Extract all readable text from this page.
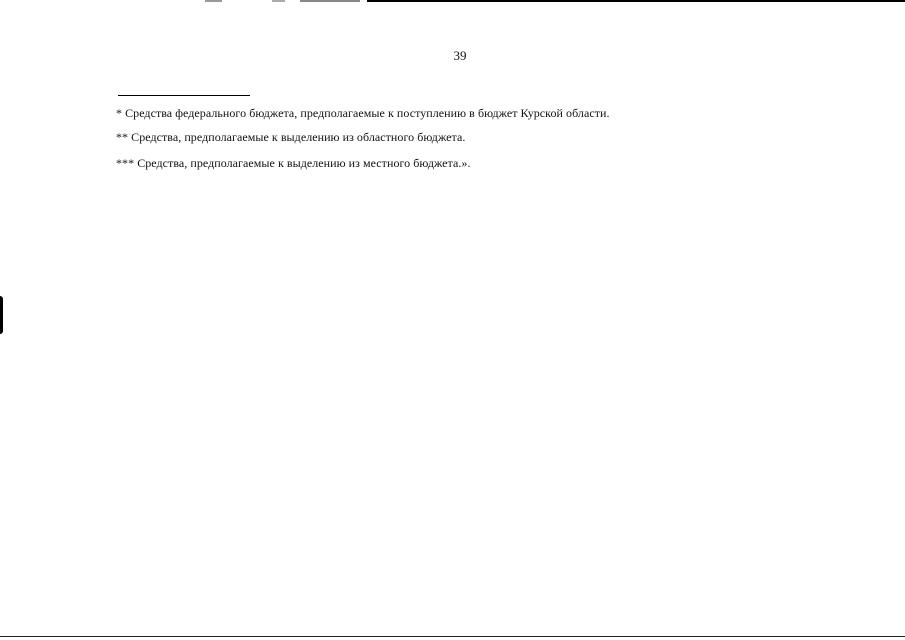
39
* Средства федерального бюджета, предполагаемые к поступлению в бюджет Курской области.
** Средства, предполагаемые к выделению из областного бюджета.
*** Средства, предполагаемые к выделению из местного бюджета.».
